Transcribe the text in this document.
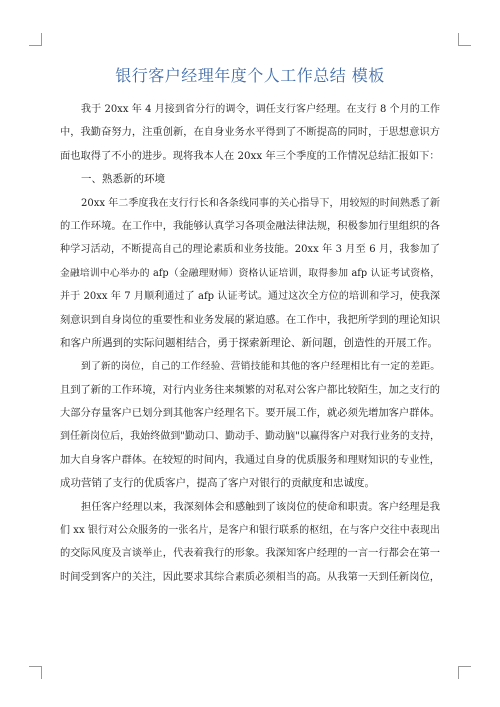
银行客户经理年度个人工作总结 模板
我于 20xx 年 4 月接到省分行的调令，调任支行客户经理。在支行 8 个月的工作
中，我勤奋努力，注重创新，在自身业务水平得到了不断提高的同时，于思想意识方
面也取得了不小的进步。现将我本人在 20xx 年三个季度的工作情况总结汇报如下：
一、熟悉新的环境
20xx 年二季度我在支行行长和各条线同事的关心指导下，用较短的时间熟悉了新
的工作环境。在工作中，我能够认真学习各项金融法律法规，积极参加行里组织的各
种学习活动，不断提高自己的理论素质和业务技能。20xx 年 3 月至 6 月，我参加了
金融培训中心举办的 afp（金融理财师）资格认证培训，取得参加 afp 认证考试资格，
并于 20xx 年 7 月顺利通过了 afp 认证考试。通过这次全方位的培训和学习，使我深
刻意识到自身岗位的重要性和业务发展的紧迫感。在工作中，我把所学到的理论知识
和客户所遇到的实际问题相结合，勇于探索新理论、新问题，创造性的开展工作。
到了新的岗位，自己的工作经验、营销技能和其他的客户经理相比有一定的差距。
且到了新的工作环境，对行内业务往来频繁的对私对公客户都比较陌生，加之支行的
大部分存量客户已划分到其他客户经理名下。要开展工作，就必须先增加客户群体。
到任新岗位后，我始终做到"勤动口、勤动手、勤动脑"以赢得客户对我行业务的支持，
加大自身客户群体。在较短的时间内，我通过自身的优质服务和理财知识的专业性，
成功营销了支行的优质客户，提高了客户对银行的贡献度和忠诚度。
担任客户经理以来，我深刻体会和感触到了该岗位的使命和职责。客户经理是我
们 xx 银行对公众服务的一张名片，是客户和银行联系的枢纽，在与客户交往中表现出
的交际风度及言谈举止，代表着我行的形象。我深知客户经理的一言一行都会在第一
时间受到客户的关注，因此要求其综合素质必须相当的高。从我第一天到任新岗位，
